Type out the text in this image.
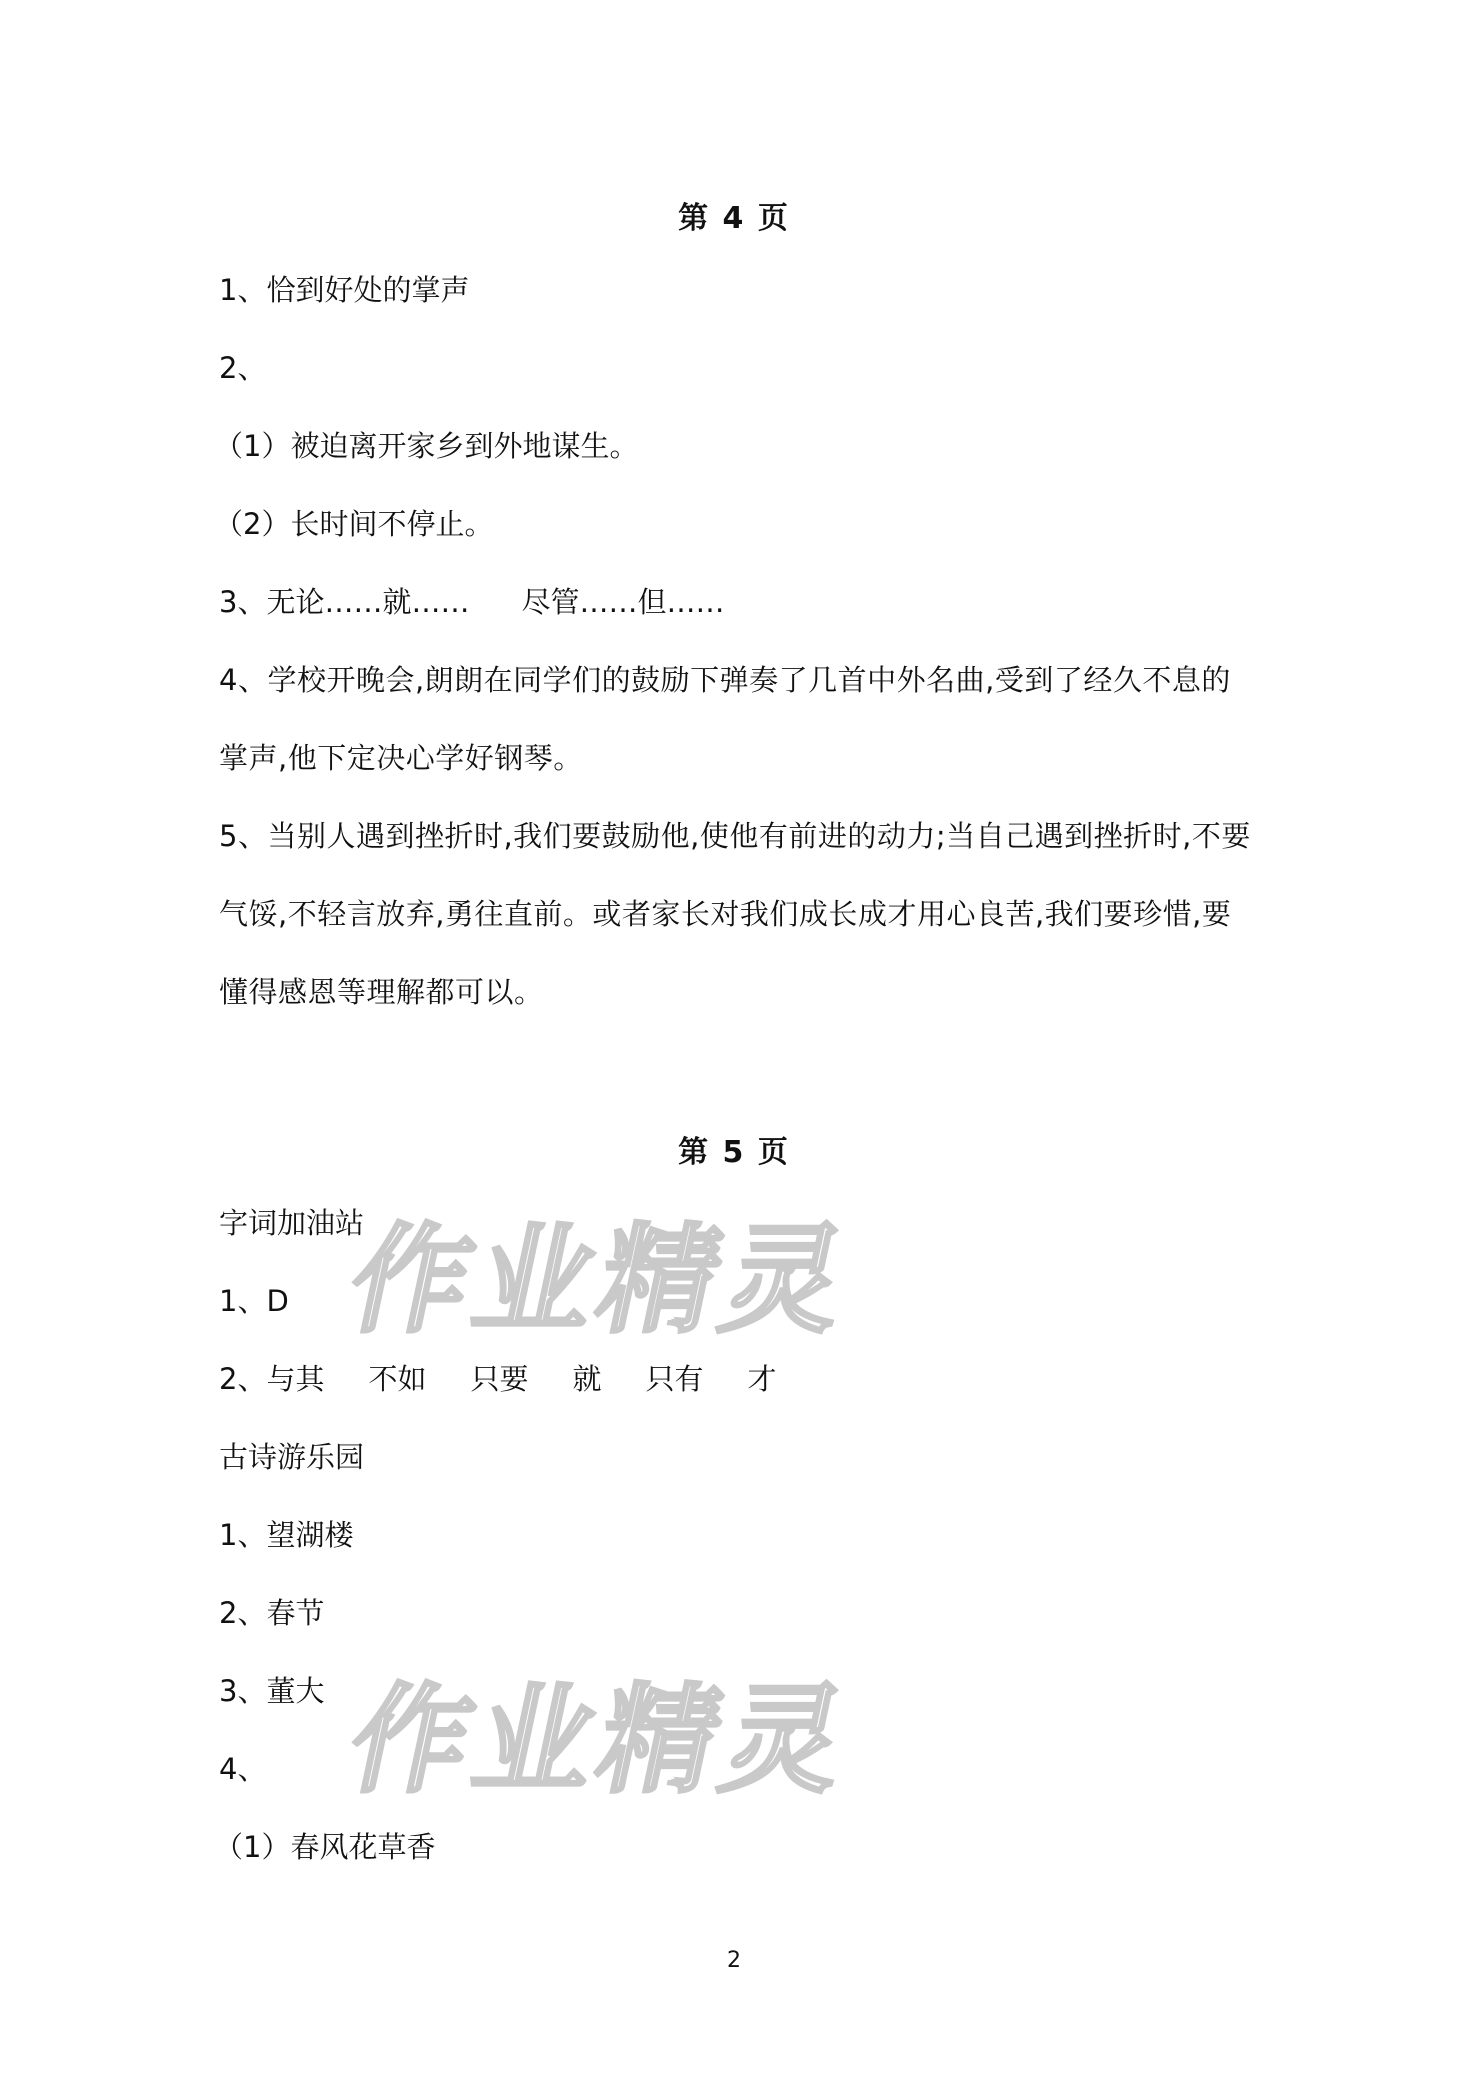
第 4 页
1、恰到好处的掌声
2、
（1）被迫离开家乡到外地谋生。
（2）长时间不停止。
3、无论……就…… 尽管……但……
4、学校开晚会,朗朗在同学们的鼓励下弹奏了几首中外名曲,受到了经久不息的掌声,他下定决心学好钢琴。
5、当别人遇到挫折时,我们要鼓励他,使他有前进的动力;当自己遇到挫折时,不要气馁,不轻言放弃,勇往直前。或者家长对我们成长成才用心良苦,我们要珍惜,要懂得感恩等理解都可以。
第 5 页
字词加油站
1、D
2、与其 不如 只要 就 只有 才
古诗游乐园
1、望湖楼
2、春节
3、董大
4、
（1）春风花草香
作业精灵
作业精灵
2
